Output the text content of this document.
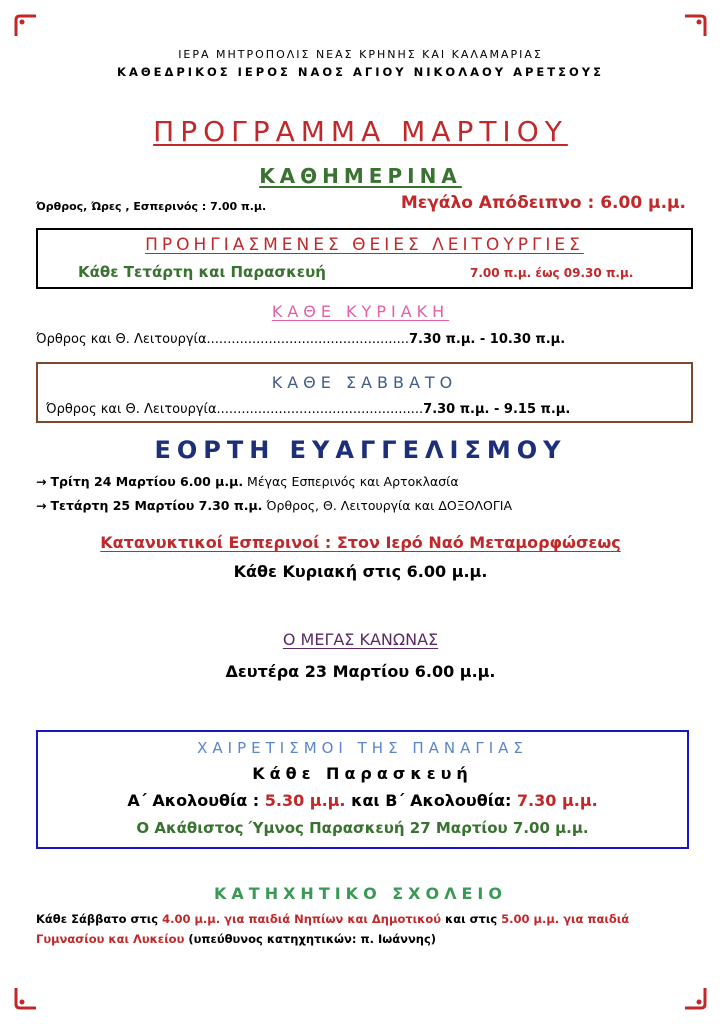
ΙΕΡΑ ΜΗΤΡΟΠΟΛΙΣ ΝΕΑΣ ΚΡΗΝΗΣ ΚΑΙ ΚΑΛΑΜΑΡΙΑΣ
ΚΑΘΕΔΡΙΚΟΣ ΙΕΡΟΣ ΝΑΟΣ ΑΓΙΟΥ ΝΙΚΟΛΑΟΥ ΑΡΕΤΣΟΥΣ
ΠΡΟΓΡΑΜΜΑ ΜΑΡΤΙΟΥ
ΚΑΘΗΜΕΡΙΝΑ
Όρθρος, Ώρες , Εσπερινός : 7.00 π.μ.	Μεγάλο Απόδειπνο : 6.00 μ.μ.
ΠΡΟΗΓΙΑΣΜΕΝΕΣ ΘΕΙΕΣ ΛΕΙΤΟΥΡΓΙΕΣ
Κάθε Τετάρτη και Παρασκευή	7.00 π.μ. έως 09.30 π.μ.
ΚΑΘΕ ΚΥΡΙΑΚΗ
Όρθρος και Θ. Λειτουργία.................................................7.30 π.μ. - 10.30 π.μ.
ΚΑΘΕ ΣΑΒΒΑΤΟ
Όρθρος και Θ. Λειτουργία..................................................7.30 π.μ. - 9.15 π.μ.
ΕΟΡΤΗ ΕΥΑΓΓΕΛΙΣΜΟΥ
→ Τρίτη 24 Μαρτίου 6.00 μ.μ. Μέγας Εσπερινός και Αρτοκλασία
→ Τετάρτη 25 Μαρτίου 7.30 π.μ. Όρθρος, Θ. Λειτουργία και ΔΟΞΟΛΟΓΙΑ
Κατανυκτικοί Εσπερινοί : Στον Ιερό Ναό Μεταμορφώσεως
Κάθε Κυριακή στις 6.00 μ.μ.
Ο ΜΕΓΑΣ ΚΑΝΩΝΑΣ
Δευτέρα 23 Μαρτίου 6.00 μ.μ.
ΧΑΙΡΕΤΙΣΜΟΙ ΤΗΣ ΠΑΝΑΓΙΑΣ
Κάθε Παρασκευή
Α΄ Ακολουθία : 5.30 μ.μ. και Β΄ Ακολουθία: 7.30 μ.μ.
Ο Ακάθιστος Ύμνος Παρασκευή 27 Μαρτίου 7.00 μ.μ.
ΚΑΤΗΧΗΤΙΚΟ ΣΧΟΛΕΙΟ
Κάθε Σάββατο στις 4.00 μ.μ. για παιδιά Νηπίων και Δημοτικού και στις 5.00 μ.μ. για παιδιά
Γυμνασίου και Λυκείου (υπεύθυνος κατηχητικών: π. Ιωάννης)
